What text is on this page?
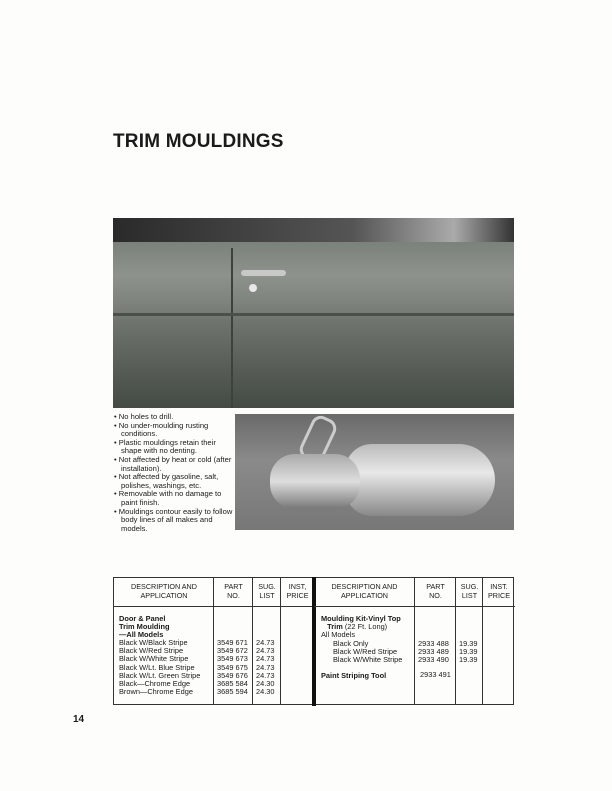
TRIM MOULDINGS
• No holes to drill.
• No under-moulding rusting conditions.
• Plastic mouldings retain their shape with no denting.
• Not affected by heat or cold (after installation).
• Not affected by gasoline, salt, polishes, washings, etc.
• Removable with no damage to paint finish.
• Mouldings contour easily to follow body lines of all makes and models.
DESCRIPTION AND
APPLICATION
PART
NO.
SUG.
LIST
INST,
PRICE
Door & Panel
Trim Moulding
—All Models
Black W/Black Stripe	3549 671 24.73
Black W/Red Stripe	3549 672 24.73
Black W/White Stripe	3549 673 24.73
Black W/Lt. Blue Stripe	3549 675 24.73
Black W/Lt. Green Stripe 3549 676 24.73
Black—Chrome Edge	3685 584 24.30
Brown—Chrome Edge	3685 594 24.30
DESCRIPTION AND
APPLICATION
PART
NO.
SUG.
LIST
INST.
PRICE
Moulding Kit-Vinyl Top
Trim (22 Ft. Long)
All Models
Black Only	2933 488 19.39
Black W/Red Stripe	2933 489 19.39
Black W/White Stripe 2933 490 19.39
Paint Striping Tool	2933 491
14
